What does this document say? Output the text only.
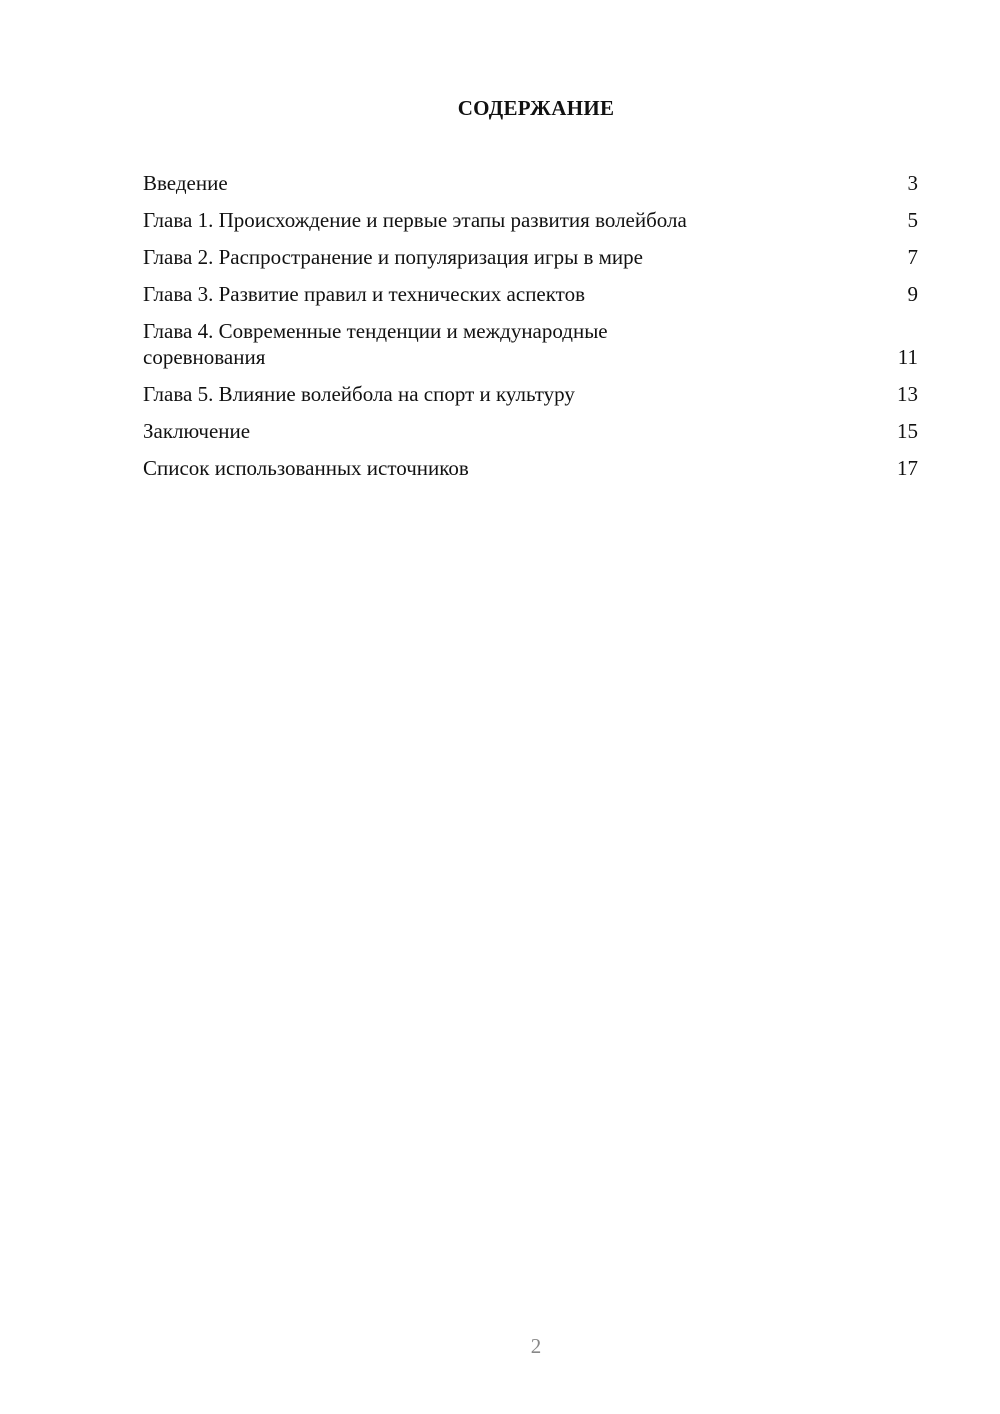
СОДЕРЖАНИЕ
Введение	3
Глава 1. Происхождение и первые этапы развития волейбола	5
Глава 2. Распространение и популяризация игры в мире	7
Глава 3. Развитие правил и технических аспектов	9
Глава 4. Современные тенденции и международные соревнования	11
Глава 5. Влияние волейбола на спорт и культуру	13
Заключение	15
Список использованных источников	17
2
